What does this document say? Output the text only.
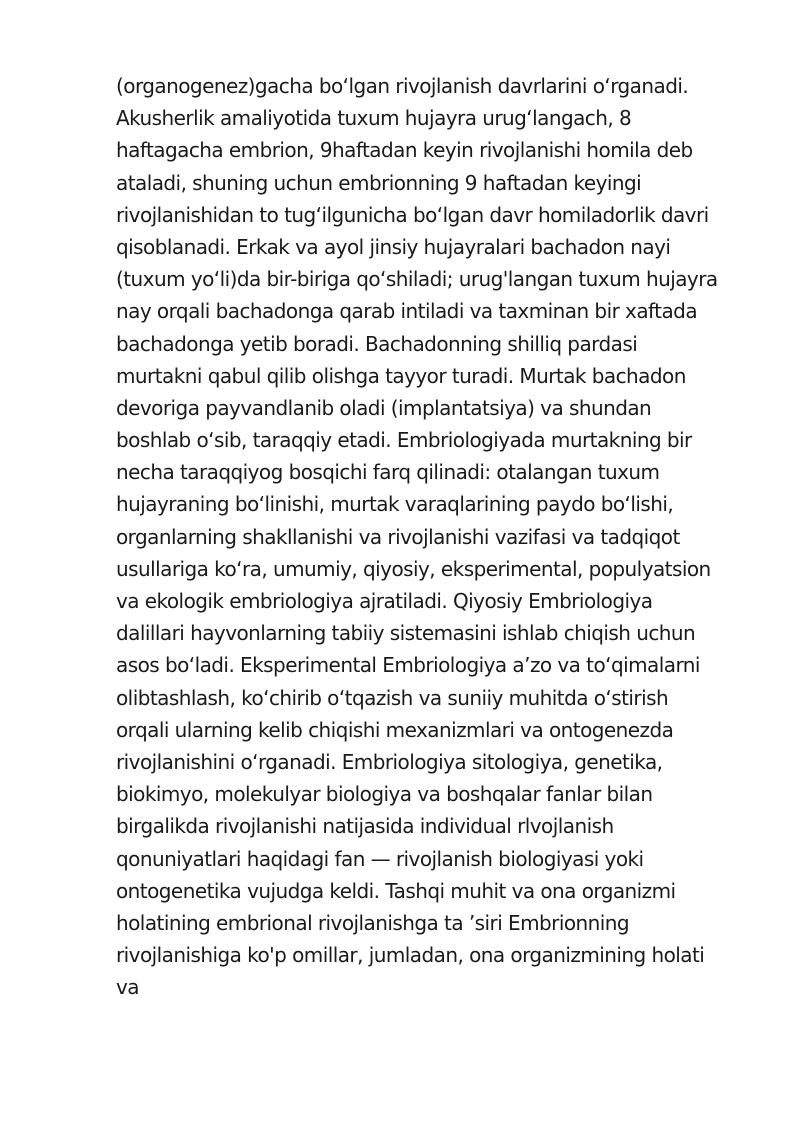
(organogenez)gacha bo‘lgan rivojlanish davrlarini o‘rganadi.
Akusherlik amaliyotida tuxum hujayra urug‘langach, 8
haftagacha embrion, 9haftadan keyin rivojlanishi homila deb
ataladi, shuning uchun embrionning 9 haftadan keyingi
rivojlanishidan to tug‘ilgunicha bo‘lgan davr homiladorlik davri
qisoblanadi. Erkak va ayol jinsiy hujayralari bachadon nayi
(tuxum yo‘li)da bir-biriga qo‘shiladi; urug'langan tuxum hujayra
nay orqali bachadonga qarab intiladi va taxminan bir xaftada
bachadonga yetib boradi. Bachadonning shilliq pardasi
murtakni qabul qilib olishga tayyor turadi. Murtak bachadon
devoriga payvandlanib oladi (implantatsiya) va shundan
boshlab o‘sib, taraqqiy etadi. Embriologiyada murtakning bir
necha taraqqiyog bosqichi farq qilinadi: otalangan tuxum
hujayraning bo‘linishi, murtak varaqlarining paydo bo‘lishi,
organlarning shakllanishi va rivojlanishi vazifasi va tadqiqot
usullariga ko‘ra, umumiy, qiyosiy, eksperimental, populyatsion
va ekologik embriologiya ajratiladi. Qiyosiy Embriologiya
dalillari hayvonlarning tabiiy sistemasini ishlab chiqish uchun
asos bo‘ladi. Eksperimental Embriologiya a’zo va to‘qimalarni
olibtashlash, ko‘chirib o‘tqazish va suniiy muhitda o‘stirish
orqali ularning kelib chiqishi mexanizmlari va ontogenezda
rivojlanishini o‘rganadi. Embriologiya sitologiya, genetika,
biokimyo, molekulyar biologiya va boshqalar fanlar bilan
birgalikda rivojlanishi natijasida individual rlvojlanish
qonuniyatlari haqidagi fan — rivojlanish biologiyasi yoki
ontogenetika vujudga keldi. Tashqi muhit va ona organizmi
holatining embrional rivojlanishga ta ’siri Embrionning
rivojlanishiga ko'p omillar, jumladan, ona organizmining holati
va
